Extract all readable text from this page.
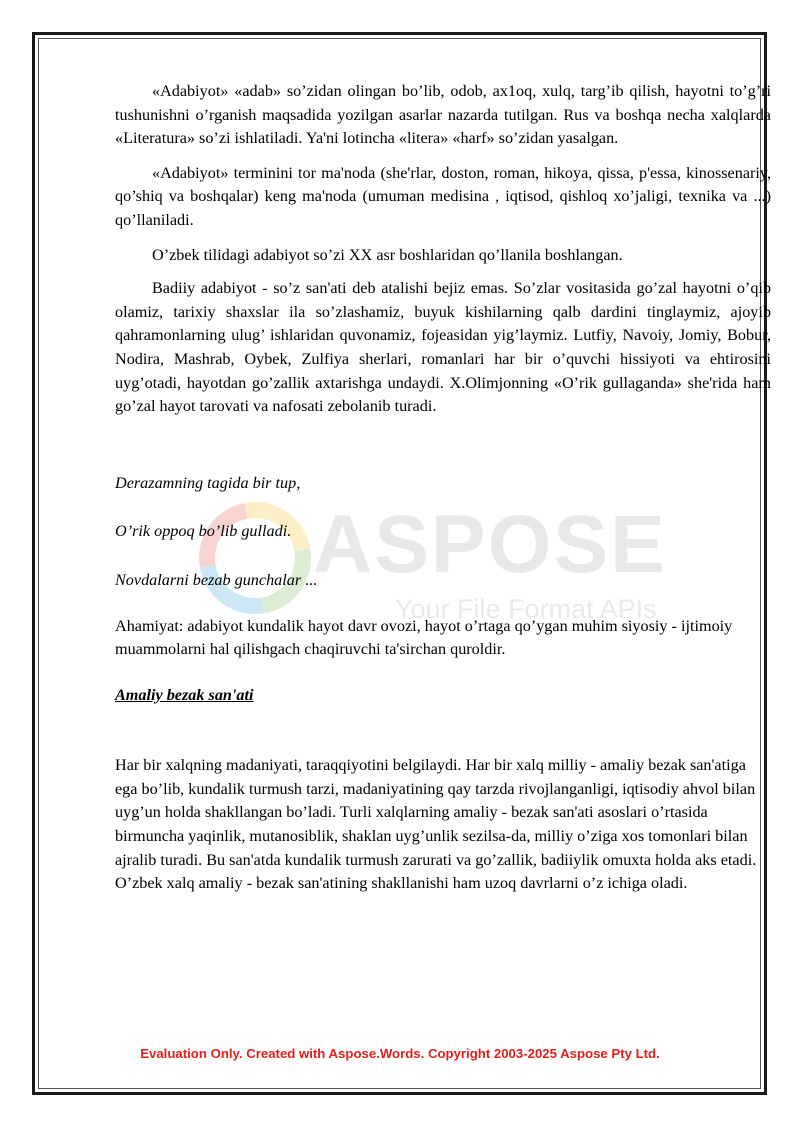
ASPOSE
Your File Format APIs

«Adabiyot» «adab» so’zidan olingan bo’lib, odob, ax1oq, xulq, targ’ib qilish, hayotni to’g’ri tushunishni o’rganish maqsadida yozilgan asarlar nazarda tutilgan. Rus va boshqa necha xalqlarda «Literatura» so’zi ishlatiladi. Ya'ni lotincha «litera» «harf» so’zidan yasalgan.

«Adabiyot» terminini tor ma'noda (she'rlar, doston, roman, hikoya, qissa, p'essa, kinossenariy, qo’shiq va boshqalar) keng ma'noda (umuman medisina , iqtisod, qishloq xo’jaligi, texnika va ...) qo’llaniladi.

O’zbek tilidagi adabiyot so’zi XX asr boshlaridan qo’llanila boshlangan.

Badiiy adabiyot - so’z san'ati deb atalishi bejiz emas. So’zlar vositasida go’zal hayotni o’qib olamiz, tarixiy shaxslar ila so’zlashamiz, buyuk kishilarning qalb dardini tinglaymiz, ajoyib qahramonlarning ulug’ ishlaridan quvonamiz, fojeasidan yig’laymiz. Lutfiy, Navoiy, Jomiy, Bobur, Nodira, Mashrab, Oybek, Zulfiya sherlari, romanlari har bir o’quvchi hissiyoti va ehtirosini uyg’otadi, hayotdan go’zallik axtarishga undaydi. X.Olimjonning «O’rik gullaganda» she'rida ham go’zal hayot tarovati va nafosati zebolanib turadi.

Derazamning tagida bir tup,

O’rik oppoq bo’lib gulladi.

Novdalarni bezab gunchalar ...

Ahamiyat: adabiyot kundalik hayot davr ovozi, hayot o’rtaga qo’ygan muhim siyosiy - ijtimoiy muammolarni hal qilishgach chaqiruvchi ta'sirchan quroldir.

Amaliy bezak san'ati

Har bir xalqning madaniyati, taraqqiyotini belgilaydi. Har bir xalq milliy - amaliy bezak san'atiga ega bo’lib, kundalik turmush tarzi, madaniyatining qay tarzda rivojlanganligi, iqtisodiy ahvol bilan uyg’un holda shakllangan bo’ladi. Turli xalqlarning amaliy - bezak san'ati asoslari o’rtasida birmuncha yaqinlik, mutanosiblik, shaklan uyg’unlik sezilsa-da, milliy o’ziga xos tomonlari bilan ajralib turadi. Bu san'atda kundalik turmush zarurati va go’zallik, badiiylik omuxta holda aks etadi. O’zbek xalq amaliy - bezak san'atining shakllanishi ham uzoq davrlarni o’z ichiga oladi.

Evaluation Only. Created with Aspose.Words. Copyright 2003-2025 Aspose Pty Ltd.
